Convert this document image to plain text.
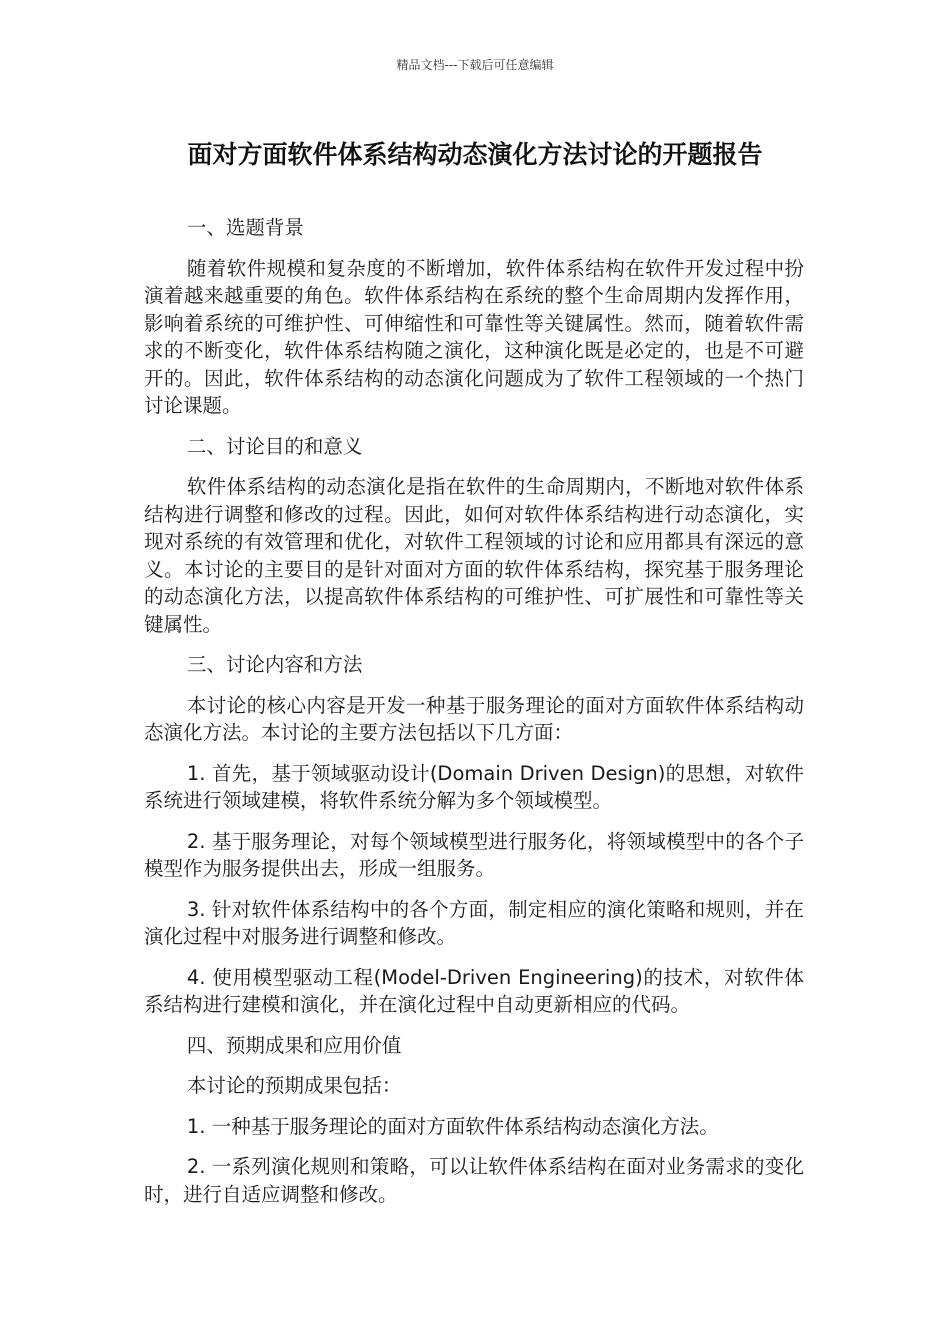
精品文档---下载后可任意编辑
面对方面软件体系结构动态演化方法讨论的开题报告

一、选题背景

随着软件规模和复杂度的不断增加，软件体系结构在软件开发过程中扮演着越来越重要的角色。软件体系结构在系统的整个生命周期内发挥作用，影响着系统的可维护性、可伸缩性和可靠性等关键属性。然而，随着软件需求的不断变化，软件体系结构随之演化，这种演化既是必定的，也是不可避开的。因此，软件体系结构的动态演化问题成为了软件工程领域的一个热门讨论课题。

二、讨论目的和意义

软件体系结构的动态演化是指在软件的生命周期内，不断地对软件体系结构进行调整和修改的过程。因此，如何对软件体系结构进行动态演化，实现对系统的有效管理和优化，对软件工程领域的讨论和应用都具有深远的意义。本讨论的主要目的是针对面对方面的软件体系结构，探究基于服务理论的动态演化方法，以提高软件体系结构的可维护性、可扩展性和可靠性等关键属性。

三、讨论内容和方法

本讨论的核心内容是开发一种基于服务理论的面对方面软件体系结构动态演化方法。本讨论的主要方法包括以下几方面：

1. 首先，基于领域驱动设计(Domain Driven Design)的思想，对软件系统进行领域建模，将软件系统分解为多个领域模型。

2. 基于服务理论，对每个领域模型进行服务化，将领域模型中的各个子模型作为服务提供出去，形成一组服务。

3. 针对软件体系结构中的各个方面，制定相应的演化策略和规则，并在演化过程中对服务进行调整和修改。

4. 使用模型驱动工程(Model-Driven Engineering)的技术，对软件体系结构进行建模和演化，并在演化过程中自动更新相应的代码。

四、预期成果和应用价值

本讨论的预期成果包括：

1. 一种基于服务理论的面对方面软件体系结构动态演化方法。

2. 一系列演化规则和策略，可以让软件体系结构在面对业务需求的变化时，进行自适应调整和修改。
